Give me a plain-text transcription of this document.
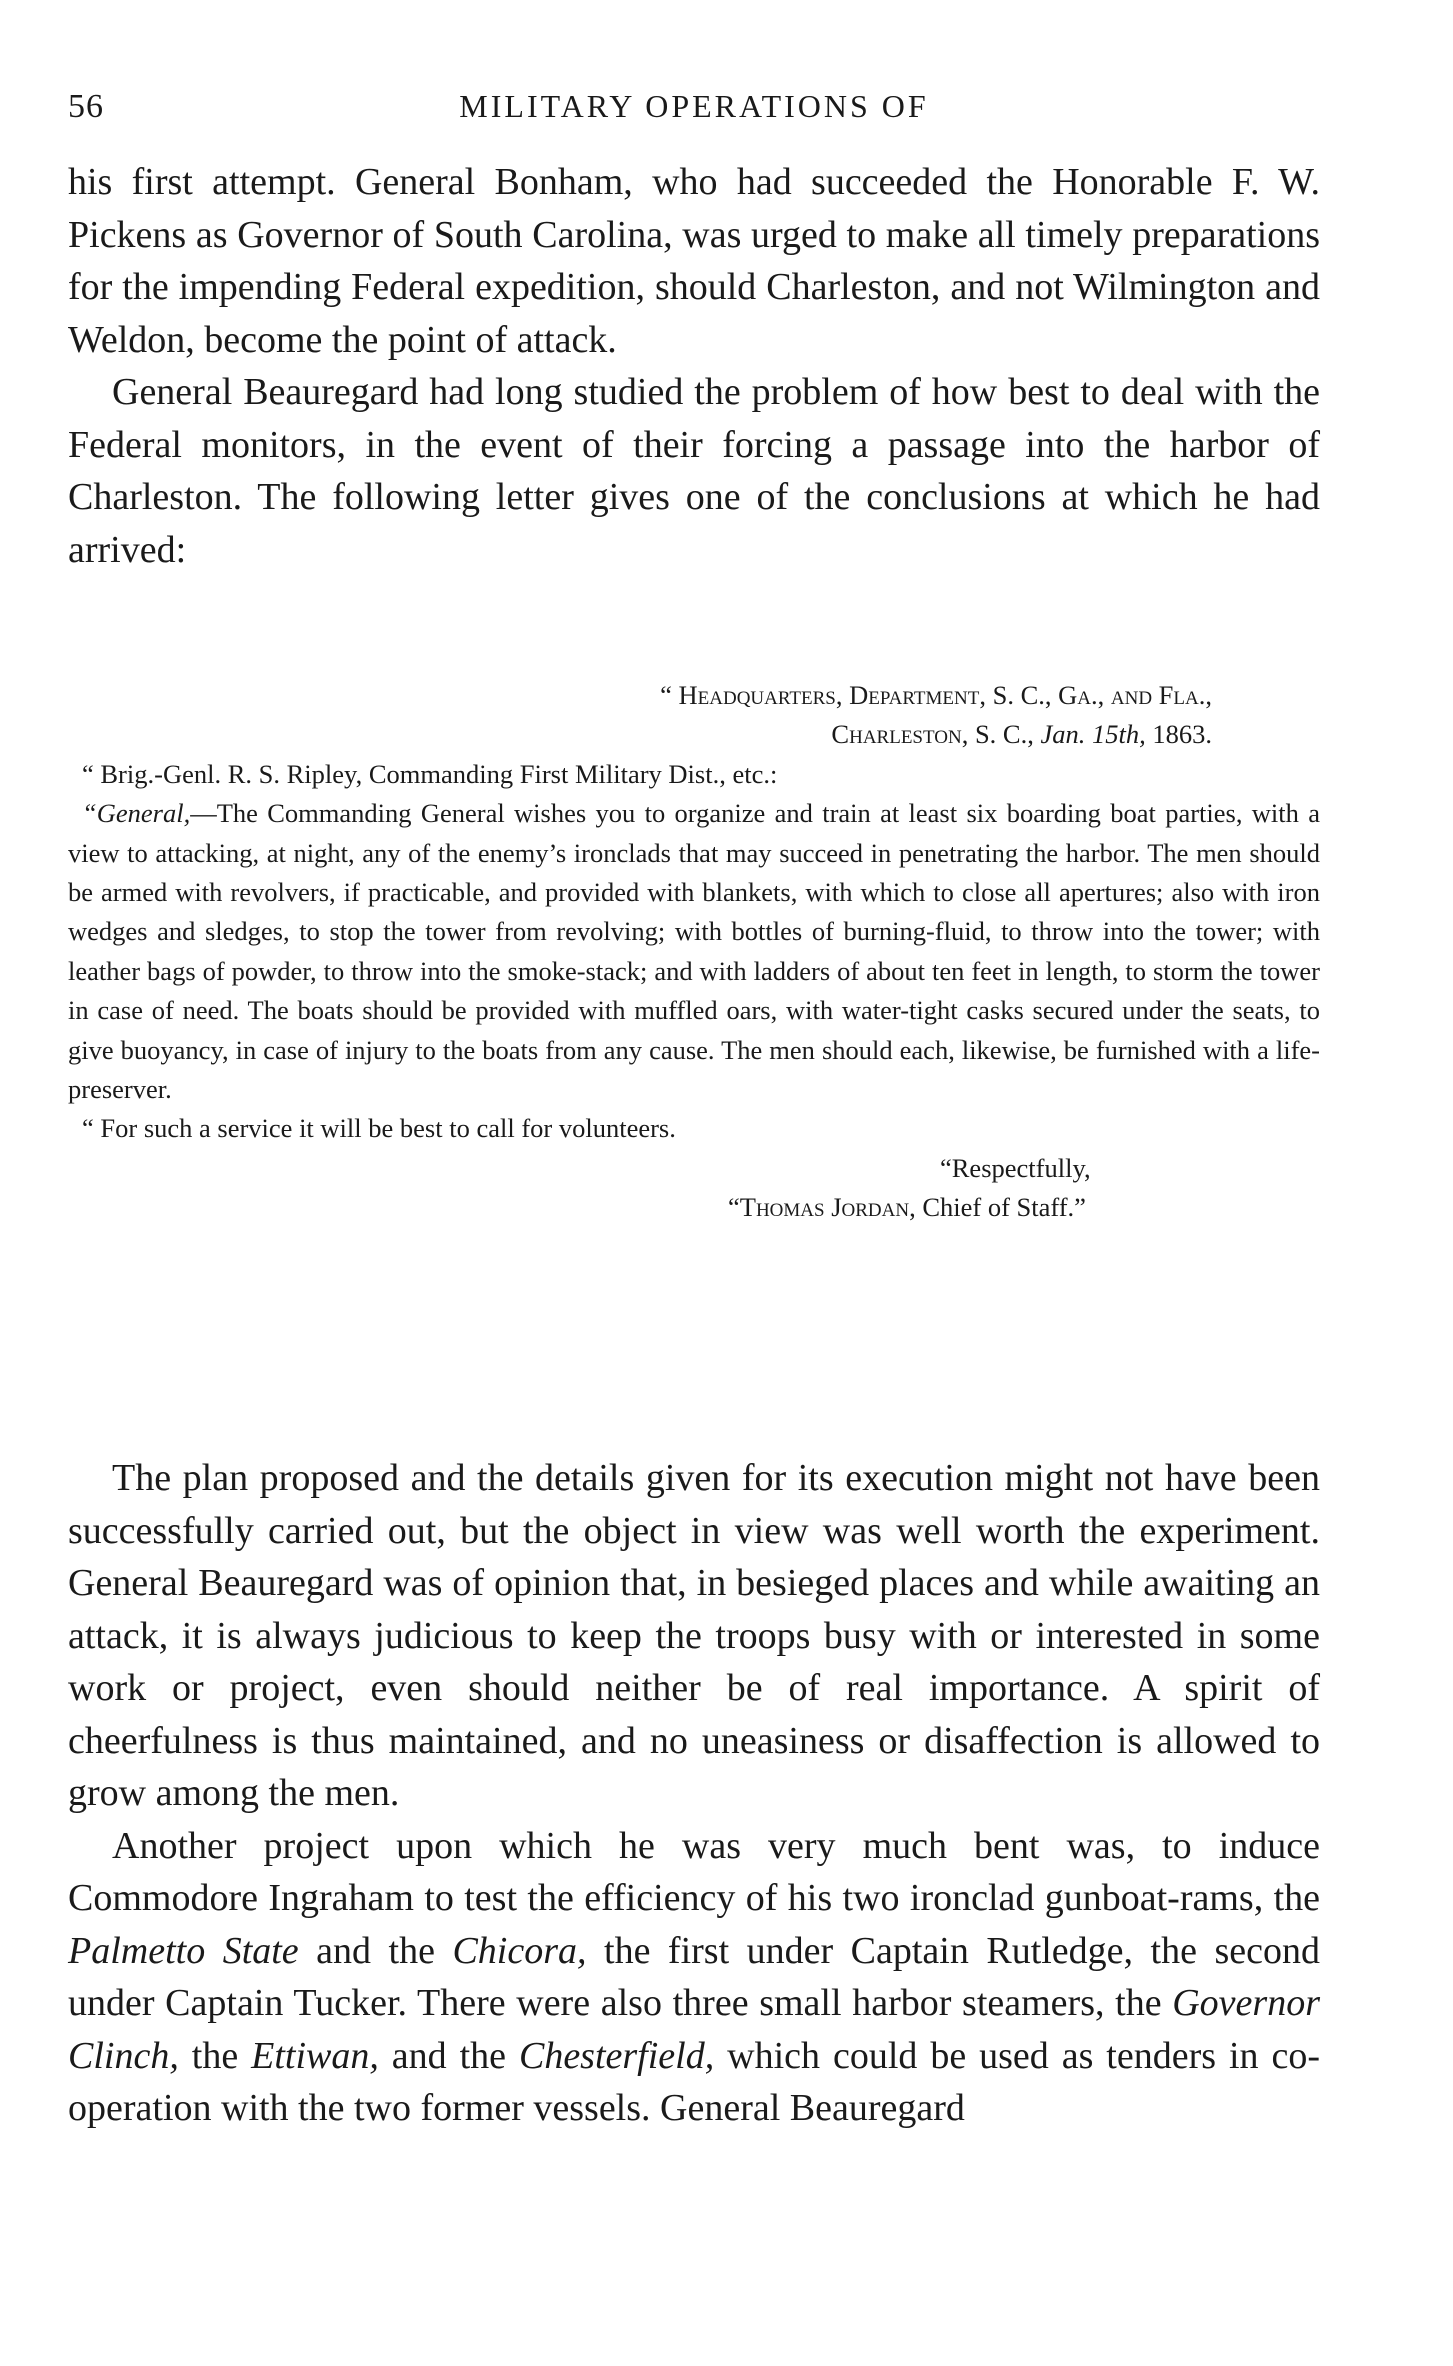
56	MILITARY OPERATIONS OF

his first attempt. General Bonham, who had succeeded the Honorable F. W. Pickens as Governor of South Carolina, was urged to make all timely preparations for the impending Federal expedition, should Charleston, and not Wilmington and Weldon, become the point of attack.

General Beauregard had long studied the problem of how best to deal with the Federal monitors, in the event of their forcing a passage into the harbor of Charleston. The following letter gives one of the conclusions at which he had arrived:

“ Headquarters, Department, S. C., Ga., and Fla.,

Charleston, S. C., Jan. 15th, 1863.

“ Brig.-Genl. R. S. Ripley, Commanding First Military Dist., etc.:

“General,—The Commanding General wishes you to organize and train at least six boarding boat parties, with a view to attacking, at night, any of the enemy’s ironclads that may succeed in penetrating the harbor. The men should be armed with revolvers, if practicable, and provided with blankets, with which to close all apertures; also with iron wedges and sledges, to stop the tower from revolving; with bottles of burning-fluid, to throw into the tower; with leather bags of powder, to throw into the smoke-stack; and with ladders of about ten feet in length, to storm the tower in case of need. The boats should be provided with muffled oars, with water-tight casks secured under the seats, to give buoyancy, in case of injury to the boats from any cause. The men should each, likewise, be furnished with a life-preserver.

“ For such a service it will be best to call for volunteers.

“Respectfully,

“Thomas Jordan, Chief of Staff.”

The plan proposed and the details given for its execution might not have been successfully carried out, but the object in view was well worth the experiment. General Beauregard was of opinion that, in besieged places and while awaiting an attack, it is always judicious to keep the troops busy with or interested in some work or project, even should neither be of real importance. A spirit of cheerfulness is thus maintained, and no uneasiness or disaffection is allowed to grow among the men.

Another project upon which he was very much bent was, to induce Commodore Ingraham to test the efficiency of his two ironclad gunboat-rams, the Palmetto State and the Chicora, the first under Captain Rutledge, the second under Captain Tucker. There were also three small harbor steamers, the Governor Clinch, the Ettiwan, and the Chesterfield, which could be used as tenders in co-operation with the two former vessels. General Beauregard
